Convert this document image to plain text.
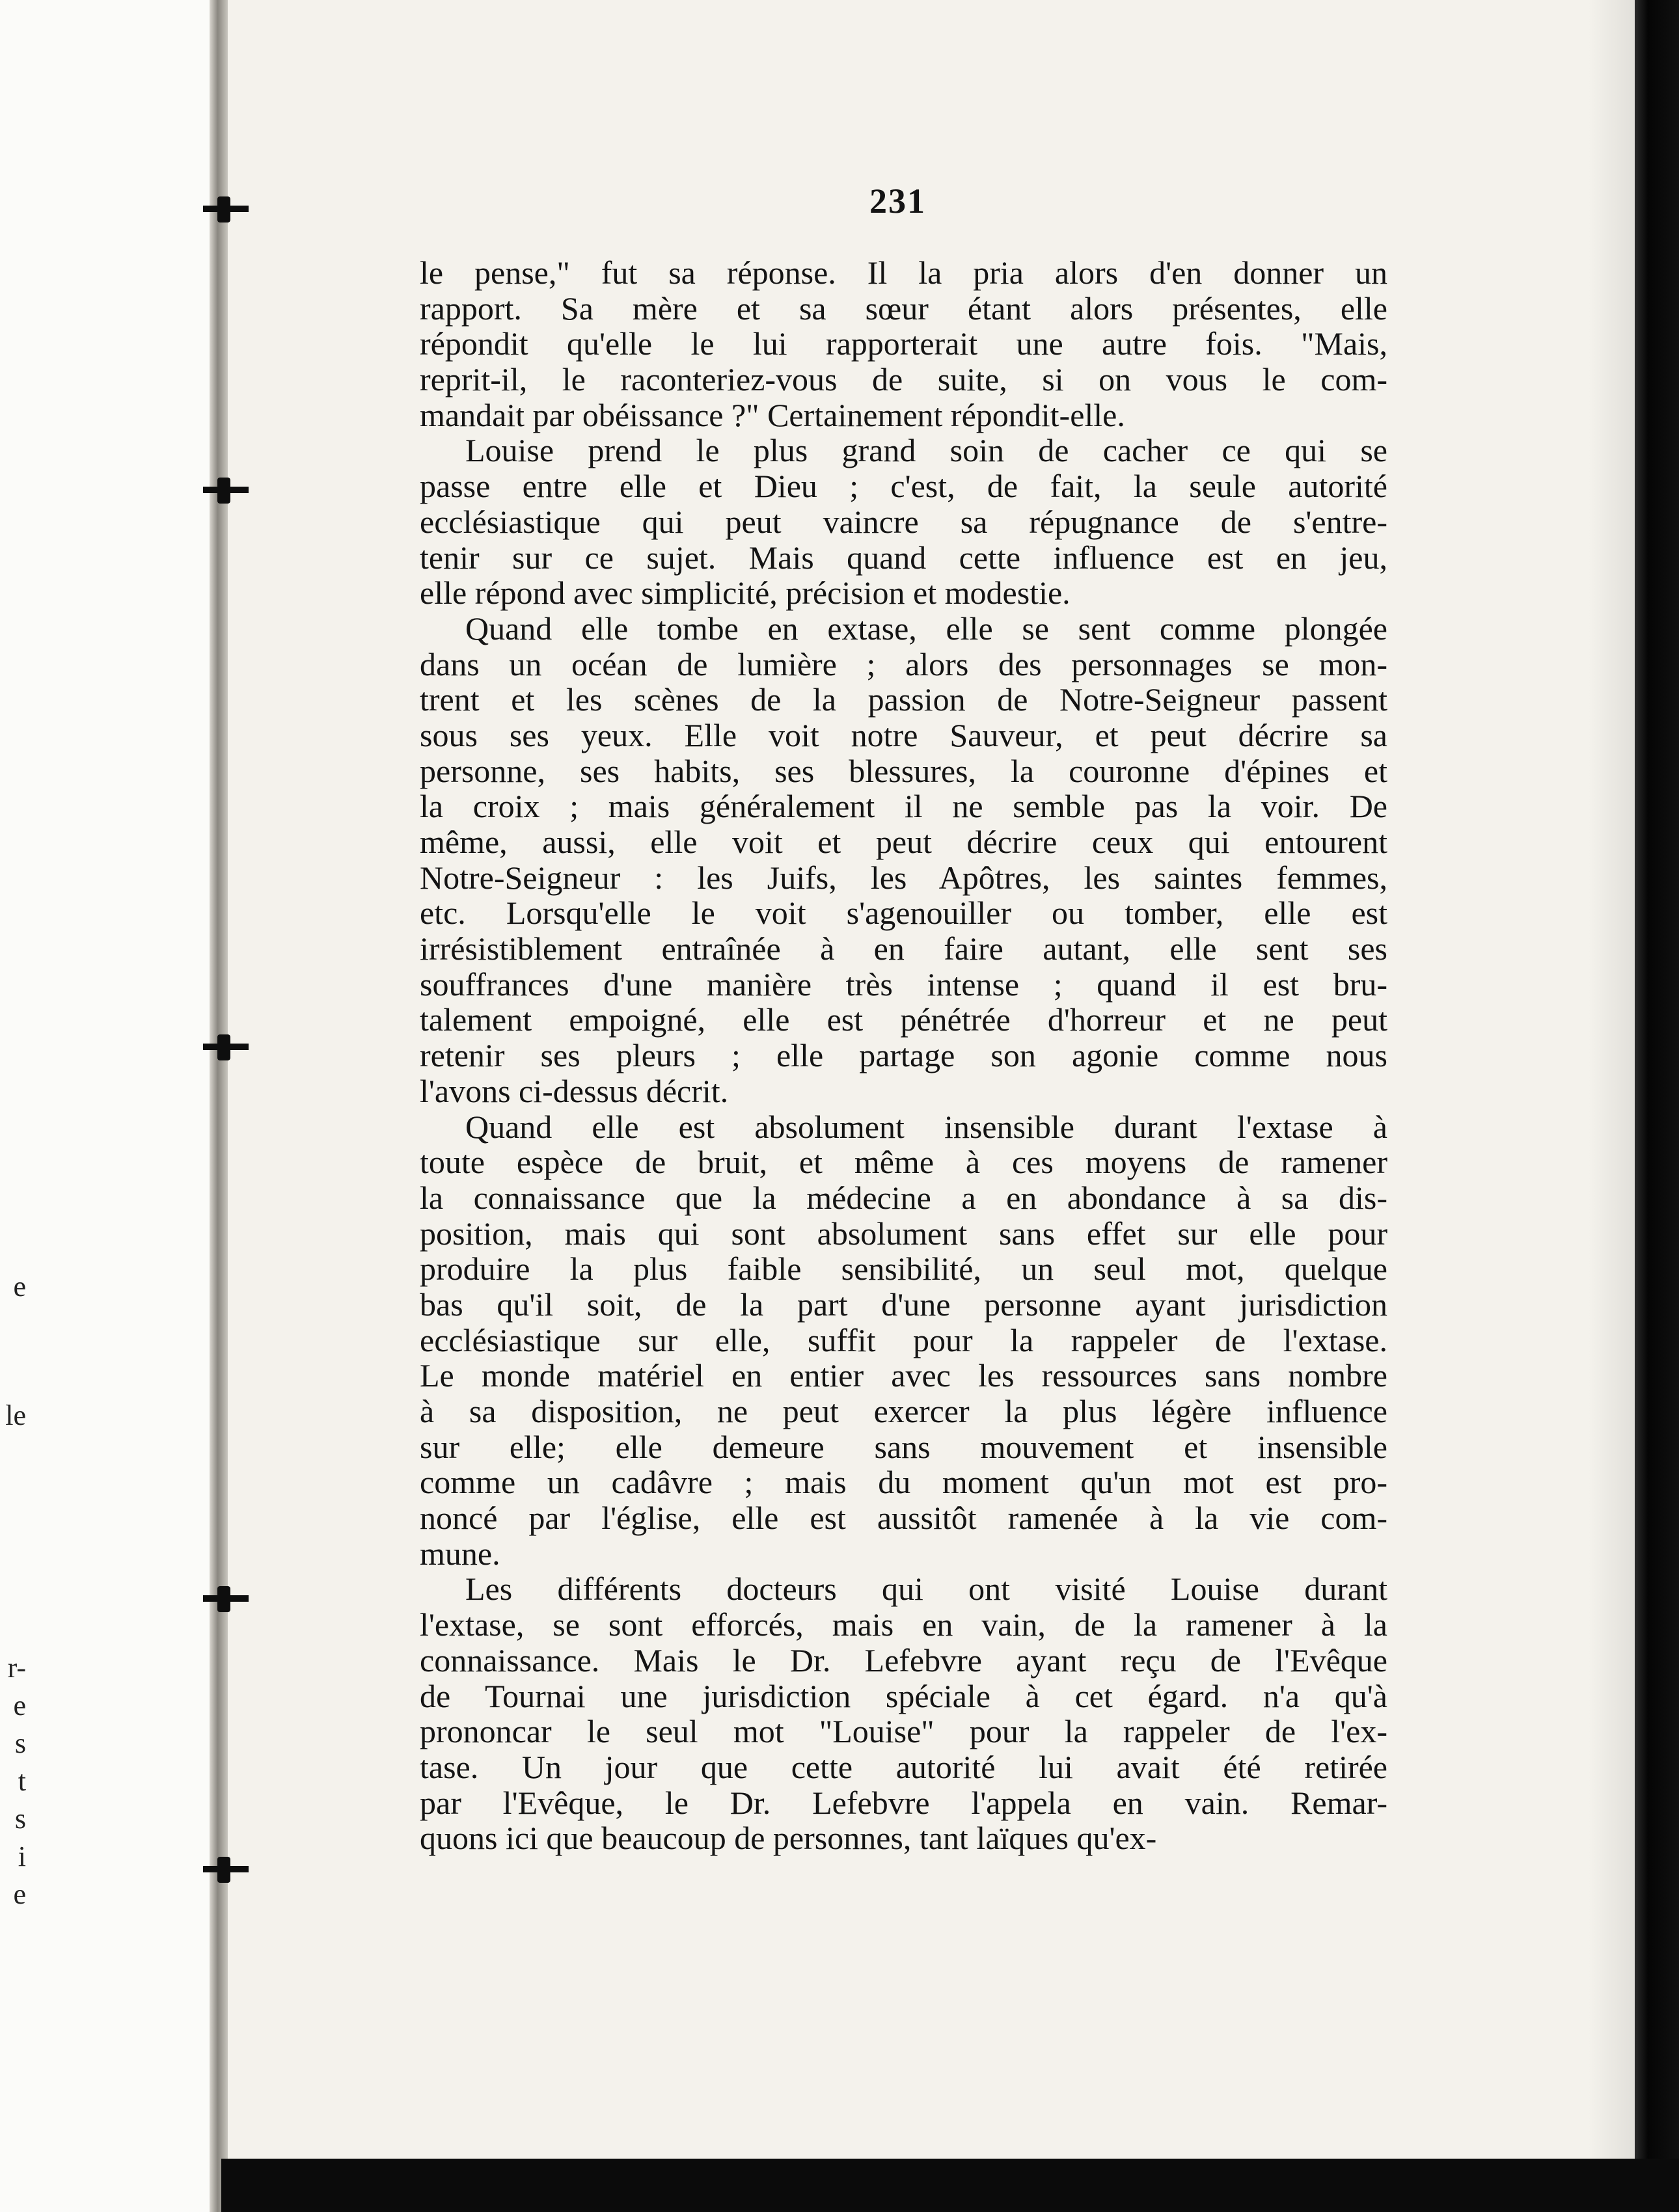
e
le
r-
e
s
t
s
i
e
231
le pense," fut sa réponse. Il la pria alors d'en donner un
rapport. Sa mère et sa sœur étant alors présentes, elle
répondit qu'elle le lui rapporterait une autre fois. "Mais,
reprit-il, le raconteriez-vous de suite, si on vous le com-
mandait par obéissance ?" Certainement répondit-elle.
Louise prend le plus grand soin de cacher ce qui se
passe entre elle et Dieu ; c'est, de fait, la seule autorité
ecclésiastique qui peut vaincre sa répugnance de s'entre-
tenir sur ce sujet. Mais quand cette influence est en jeu,
elle répond avec simplicité, précision et modestie.
Quand elle tombe en extase, elle se sent comme plongée
dans un océan de lumière ; alors des personnages se mon-
trent et les scènes de la passion de Notre-Seigneur passent
sous ses yeux. Elle voit notre Sauveur, et peut décrire sa
personne, ses habits, ses blessures, la couronne d'épines et
la croix ; mais généralement il ne semble pas la voir. De
même, aussi, elle voit et peut décrire ceux qui entourent
Notre-Seigneur : les Juifs, les Apôtres, les saintes femmes,
etc. Lorsqu'elle le voit s'agenouiller ou tomber, elle est
irrésistiblement entraînée à en faire autant, elle sent ses
souffrances d'une manière très intense ; quand il est bru-
talement empoigné, elle est pénétrée d'horreur et ne peut
retenir ses pleurs ; elle partage son agonie comme nous
l'avons ci-dessus décrit.
Quand elle est absolument insensible durant l'extase à
toute espèce de bruit, et même à ces moyens de ramener
la connaissance que la médecine a en abondance à sa dis-
position, mais qui sont absolument sans effet sur elle pour
produire la plus faible sensibilité, un seul mot, quelque
bas qu'il soit, de la part d'une personne ayant jurisdiction
ecclésiastique sur elle, suffit pour la rappeler de l'extase.
Le monde matériel en entier avec les ressources sans nombre
à sa disposition, ne peut exercer la plus légère influence
sur elle; elle demeure sans mouvement et insensible
comme un cadâvre ; mais du moment qu'un mot est pro-
noncé par l'église, elle est aussitôt ramenée à la vie com-
mune.
Les différents docteurs qui ont visité Louise durant
l'extase, se sont efforcés, mais en vain, de la ramener à la
connaissance. Mais le Dr. Lefebvre ayant reçu de l'Evêque
de Tournai une jurisdiction spéciale à cet égard. n'a qu'à
prononcar le seul mot "Louise" pour la rappeler de l'ex-
tase. Un jour que cette autorité lui avait été retirée
par l'Evêque, le Dr. Lefebvre l'appela en vain. Remar-
quons ici que beaucoup de personnes, tant laïques qu'ex-
